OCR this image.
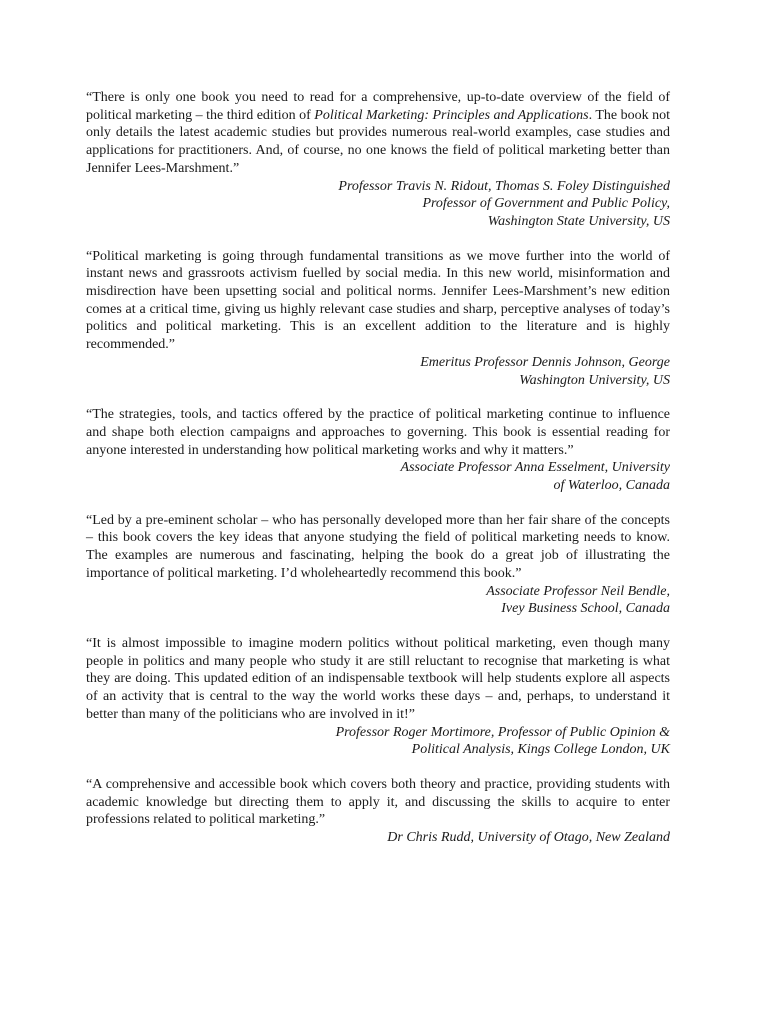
“There is only one book you need to read for a comprehensive, up-to-date overview of the field of political marketing – the third edition of Political Marketing: Principles and Applications. The book not only details the latest academic studies but provides numerous real-world examples, case studies and applications for practitioners. And, of course, no one knows the field of political marketing better than Jennifer Lees-Marshment.”

Professor Travis N. Ridout, Thomas S. Foley Distinguished
Professor of Government and Public Policy,
Washington State University, US

“Political marketing is going through fundamental transitions as we move further into the world of instant news and grassroots activism fuelled by social media. In this new world, misinformation and misdirection have been upsetting social and political norms. Jennifer Lees-Marshment’s new edition comes at a critical time, giving us highly relevant case studies and sharp, perceptive analyses of today’s politics and political marketing. This is an excellent addition to the literature and is highly recommended.”

Emeritus Professor Dennis Johnson, George
Washington University, US

“The strategies, tools, and tactics offered by the practice of political marketing continue to influence and shape both election campaigns and approaches to governing. This book is essential reading for anyone interested in understanding how political marketing works and why it matters.”

Associate Professor Anna Esselment, University
of Waterloo, Canada

“Led by a pre-eminent scholar – who has personally developed more than her fair share of the concepts – this book covers the key ideas that anyone studying the field of political marketing needs to know. The examples are numerous and fascinating, helping the book do a great job of illustrating the importance of political marketing. I’d wholeheartedly recommend this book.”

Associate Professor Neil Bendle,
Ivey Business School, Canada

“It is almost impossible to imagine modern politics without political marketing, even though many people in politics and many people who study it are still reluctant to recognise that marketing is what they are doing. This updated edition of an indispensable textbook will help students explore all aspects of an activity that is central to the way the world works these days – and, perhaps, to understand it better than many of the politicians who are involved in it!”

Professor Roger Mortimore, Professor of Public Opinion &
Political Analysis, Kings College London, UK

“A comprehensive and accessible book which covers both theory and practice, providing students with academic knowledge but directing them to apply it, and discussing the skills to acquire to enter professions related to political marketing.”

Dr Chris Rudd, University of Otago, New Zealand
